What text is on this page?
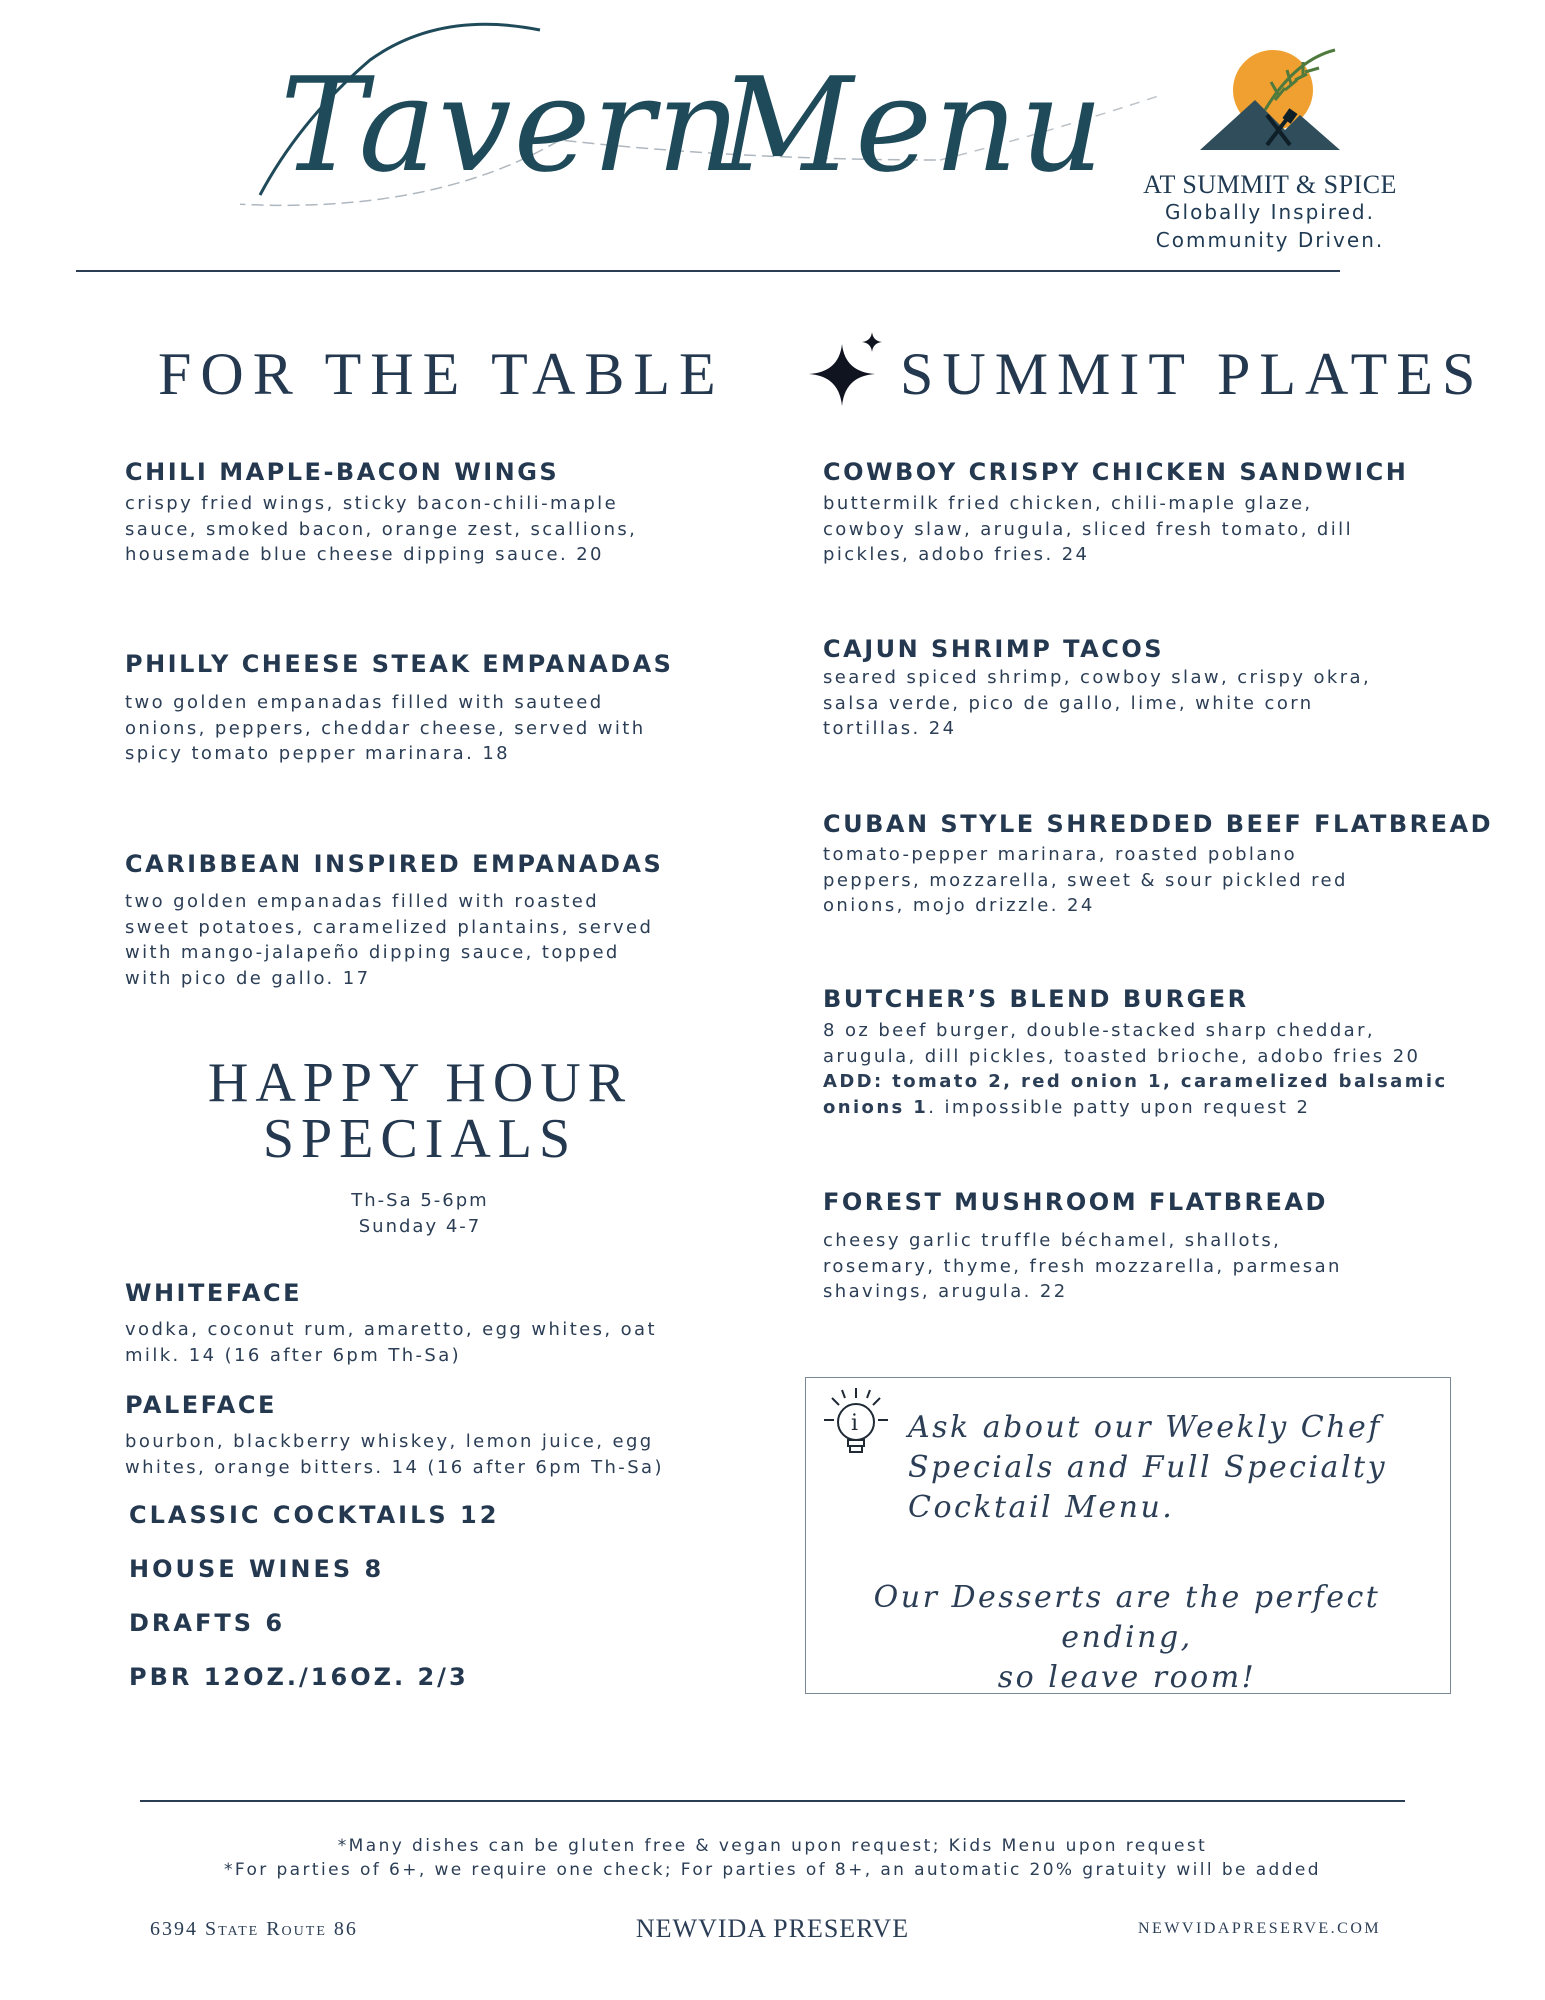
Tavern
Menu	AT SUMMIT & SPICE
Globally Inspired.
Community Driven.
FOR THE TABLE	SUMMIT PLATES
CHILI MAPLE-BACON WINGS
crispy fried wings, sticky bacon-chili-maple
sauce, smoked bacon, orange zest, scallions,
housemade blue cheese dipping sauce. 20
PHILLY CHEESE STEAK EMPANADAS
two golden empanadas filled with sauteed
onions, peppers, cheddar cheese, served with
spicy tomato pepper marinara. 18
CARIBBEAN INSPIRED EMPANADAS
two golden empanadas filled with roasted
sweet potatoes, caramelized plantains, served
with mango-jalapeño dipping sauce, topped
with pico de gallo. 17
HAPPY HOUR
SPECIALS
Th-Sa 5-6pm
Sunday 4-7
WHITEFACE
vodka, coconut rum, amaretto, egg whites, oat
milk. 14 (16 after 6pm Th-Sa)
PALEFACE
bourbon, blackberry whiskey, lemon juice, egg
whites, orange bitters. 14 (16 after 6pm Th-Sa)
CLASSIC COCKTAILS 12
HOUSE WINES 8
DRAFTS 6
PBR 12OZ./16OZ. 2/3
COWBOY CRISPY CHICKEN SANDWICH
buttermilk fried chicken, chili-maple glaze,
cowboy slaw, arugula, sliced fresh tomato, dill
pickles, adobo fries. 24
CAJUN SHRIMP TACOS
seared spiced shrimp, cowboy slaw, crispy okra,
salsa verde, pico de gallo, lime, white corn
tortillas. 24
CUBAN STYLE SHREDDED BEEF FLATBREAD
tomato-pepper marinara, roasted poblano
peppers, mozzarella, sweet & sour pickled red
onions, mojo drizzle. 24
BUTCHER’S BLEND BURGER
8 oz beef burger, double-stacked sharp cheddar,
arugula, dill pickles, toasted brioche, adobo fries 20
ADD: tomato 2, red onion 1, caramelized balsamic
onions 1. impossible patty upon request 2
FOREST MUSHROOM FLATBREAD
cheesy garlic truffle béchamel, shallots,
rosemary, thyme, fresh mozzarella, parmesan
shavings, arugula. 22
i Ask about our Weekly Chef
Specials and Full Specialty
Cocktail Menu.
Our Desserts are the perfect ending,
so leave room!
*Many dishes can be gluten free & vegan upon request; Kids Menu upon request
*For parties of 6+, we require one check; For parties of 8+, an automatic 20% gratuity will be added
6394 State Route 86	NEWVIDA PRESERVE	NEWVIDAPRESERVE.COM
